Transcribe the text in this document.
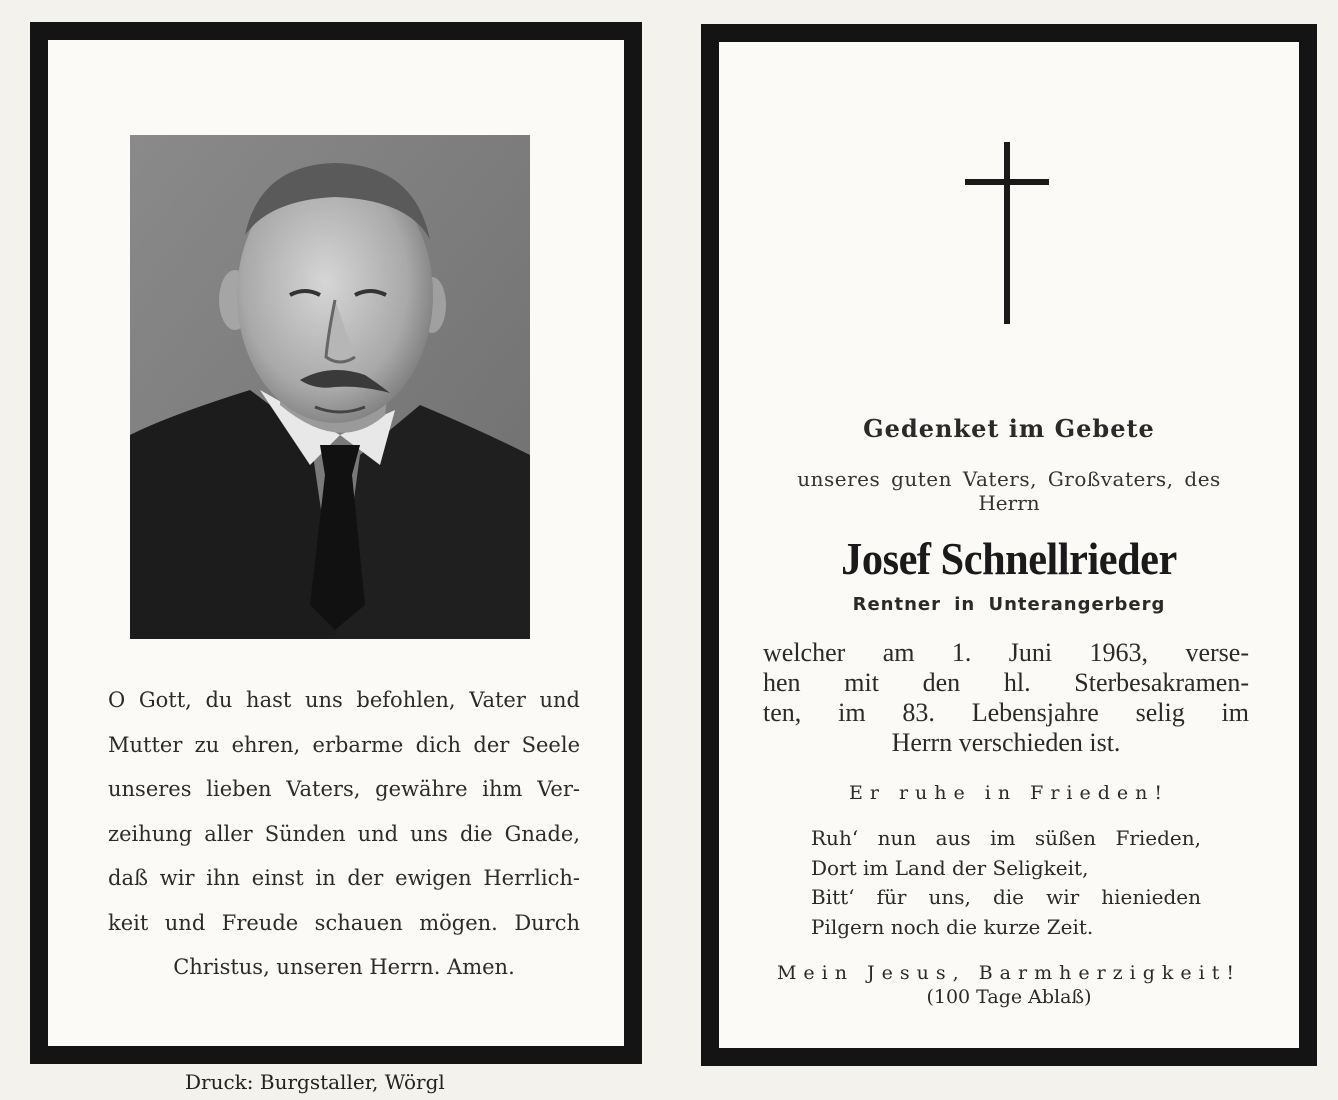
O Gott, du hast uns befohlen, Vater und
Mutter zu ehren, erbarme dich der Seele
unseres lieben Vaters, gewähre ihm Ver-
zeihung aller Sünden und uns die Gnade,
daß wir ihn einst in der ewigen Herrlich-
keit und Freude schauen mögen. Durch
Christus, unseren Herrn. Amen.
Druck: Burgstaller, Wörgl
Gedenket im Gebete
unseres guten Vaters, Großvaters, des
Herrn
Josef Schnellrieder
Rentner in Unterangerberg
welcher am 1. Juni 1963, verse-
hen mit den hl. Sterbesakramen-
ten, im 83. Lebensjahre selig im
Herrn verschieden ist.
Er ruhe in Frieden!
Ruh‘ nun aus im süßen Frieden,
Dort im Land der Seligkeit,
Bitt‘ für uns, die wir hienieden
Pilgern noch die kurze Zeit.
Mein Jesus, Barmherzigkeit!
(100 Tage Ablaß)
